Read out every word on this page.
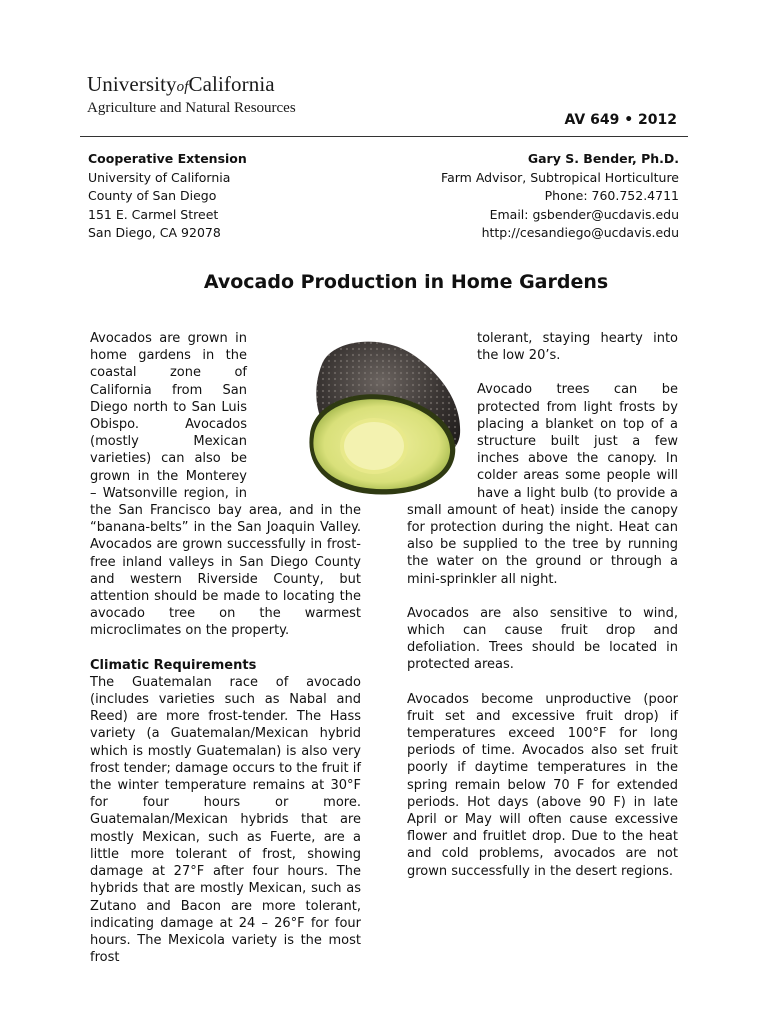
UniversityofCalifornia
Agriculture and Natural Resources
AV 649 • 2012
Cooperative Extension
University of California
County of San Diego
151 E. Carmel Street
San Diego, CA 92078
Gary S. Bender, Ph.D.
Farm Advisor, Subtropical Horticulture
Phone: 760.752.4711
Email: gsbender@ucdavis.edu
http://cesandiego@ucdavis.edu
Avocado Production in Home Gardens

Avocados are grown in home gardens in the coastal zone of California from San Diego north to San Luis Obispo. Avocados (mostly Mexican varieties) can also be grown in the Monterey – Watsonville region, in the San Francisco bay area, and in the “banana-belts” in the San Joaquin Valley. Avocados are grown successfully in frost-free inland valleys in San Diego County and western Riverside County, but attention should be made to locating the avocado tree on the warmest microclimates on the property.

Climatic Requirements

The Guatemalan race of avocado (includes varieties such as Nabal and Reed) are more frost-tender. The Hass variety (a Guatemalan/Mexican hybrid which is mostly Guatemalan) is also very frost tender; damage occurs to the fruit if the winter temperature remains at 30°F for four hours or more. Guatemalan/Mexican hybrids that are mostly Mexican, such as Fuerte, are a little more tolerant of frost, showing damage at 27°F after four hours. The hybrids that are mostly Mexican, such as Zutano and Bacon are more tolerant, indicating damage at 24 – 26°F for four hours. The Mexicola variety is the most frost

tolerant, staying hearty into the low 20’s.

Avocado trees can be protected from light frosts by placing a blanket on top of a structure built just a few inches above the canopy. In colder areas some people will have a light bulb (to provide a small amount of heat) inside the canopy for protection during the night. Heat can also be supplied to the tree by running the water on the ground or through a mini-sprinkler all night.

Avocados are also sensitive to wind, which can cause fruit drop and defoliation. Trees should be located in protected areas.

Avocados become unproductive (poor fruit set and excessive fruit drop) if temperatures exceed 100°F for long periods of time. Avocados also set fruit poorly if daytime temperatures in the spring remain below 70 F for extended periods. Hot days (above 90 F) in late April or May will often cause excessive flower and fruitlet drop. Due to the heat and cold problems, avocados are not grown successfully in the desert regions.
